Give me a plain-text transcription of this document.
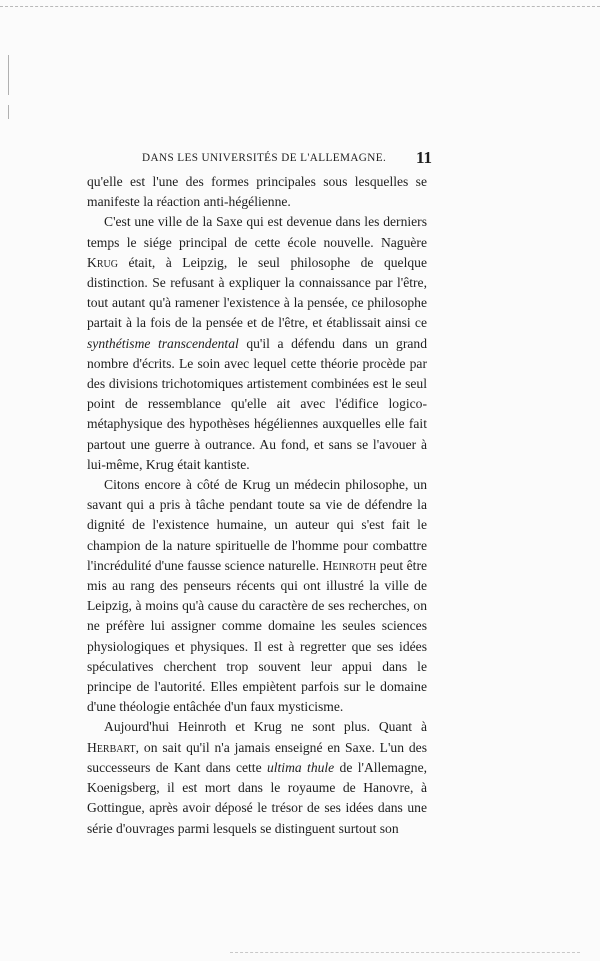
DANS LES UNIVERSITÉS DE L'ALLEMAGNE. 11

qu'elle est l'une des formes principales sous lesquelles se manifeste la réaction anti-hégélienne.

C'est une ville de la Saxe qui est devenue dans les derniers temps le siége principal de cette école nouvelle. Naguère Krug était, à Leipzig, le seul philosophe de quelque distinction. Se refusant à expliquer la connaissance par l'être, tout autant qu'à ramener l'existence à la pensée, ce philosophe partait à la fois de la pensée et de l'être, et établissait ainsi ce synthétisme transcendental qu'il a défendu dans un grand nombre d'écrits. Le soin avec lequel cette théorie procède par des divisions trichotomiques artistement combinées est le seul point de ressemblance qu'elle ait avec l'édifice logico-métaphysique des hypothèses hégéliennes auxquelles elle fait partout une guerre à outrance. Au fond, et sans se l'avouer à lui-même, Krug était kantiste.

Citons encore à côté de Krug un médecin philosophe, un savant qui a pris à tâche pendant toute sa vie de défendre la dignité de l'existence humaine, un auteur qui s'est fait le champion de la nature spirituelle de l'homme pour combattre l'incrédulité d'une fausse science naturelle. Heinroth peut être mis au rang des penseurs récents qui ont illustré la ville de Leipzig, à moins qu'à cause du caractère de ses recherches, on ne préfère lui assigner comme domaine les seules sciences physiologiques et physiques. Il est à regretter que ses idées spéculatives cherchent trop souvent leur appui dans le principe de l'autorité. Elles empiètent parfois sur le domaine d'une théologie entâchée d'un faux mysticisme.

Aujourd'hui Heinroth et Krug ne sont plus. Quant à Herbart, on sait qu'il n'a jamais enseigné en Saxe. L'un des successeurs de Kant dans cette ultima thule de l'Allemagne, Koenigsberg, il est mort dans le royaume de Hanovre, à Gottingue, après avoir déposé le trésor de ses idées dans une série d'ouvrages parmi lesquels se distinguent surtout son
